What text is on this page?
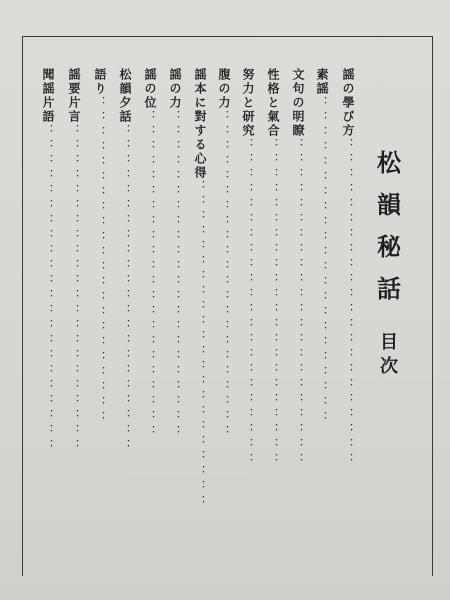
松韻秘話
目次
謡の學び方：：：：：：：：：：：：：：：：：：：：：：
素謡：：：：：：：：：：：：：：：：：：：：：：
文句の明瞭：：：：：：：：：：：：：：：：：：：：：：
性格と氣合：：：：：：：：：：：：：：：：：：：：：：
努力と研究：：：：：：：：：：：：：：：：：：：：：：
腹の力：：：：：：：：：：：：：：：：：：：：：：
謡本に對する心得：：：：：：：：：：：：：：：：：：：：：：
謡の力：：：：：：：：：：：：：：：：：：：：：：
謡の位：：：：：：：：：：：：：：：：：：：：：：
松韻夕話：：：：：：：：：：：：：：：：：：：：：：
語り：：：：：：：：：：：：：：：：：：：：：：
謡要片言：：：：：：：：：：：：：：：：：：：：：：
聞謡片語：：：：：：：：：：：：：：：：：：：：：：
